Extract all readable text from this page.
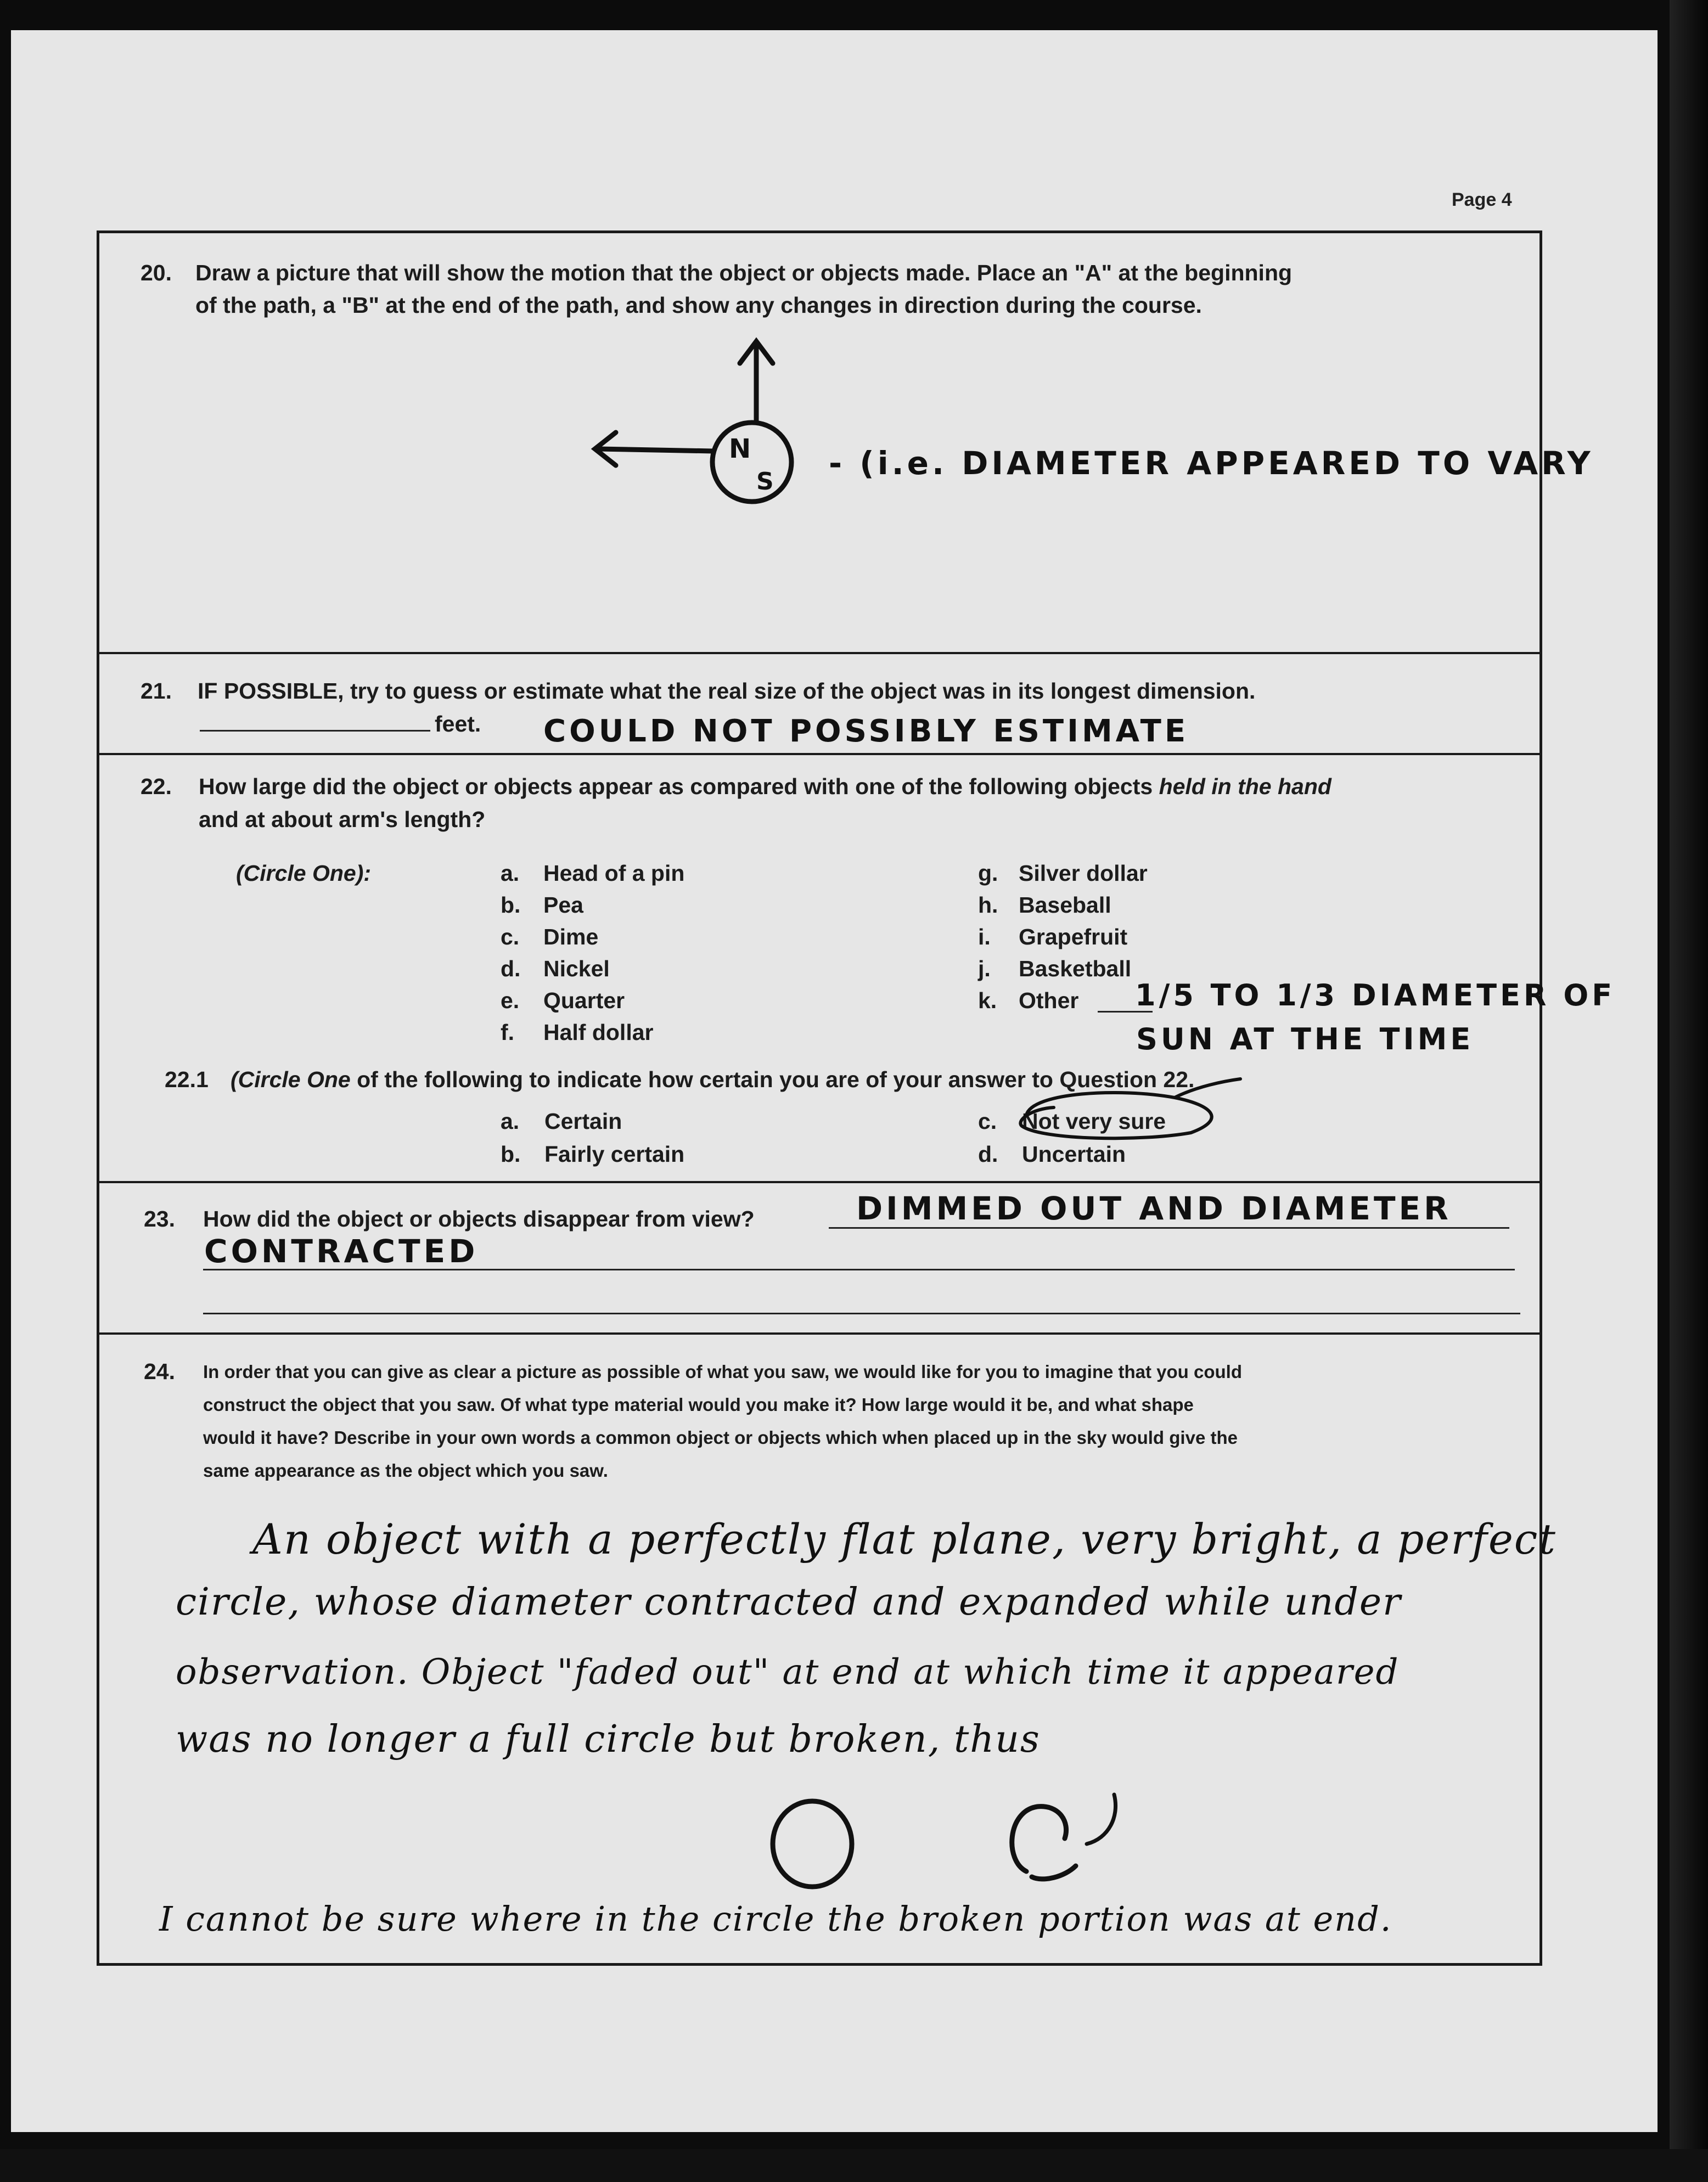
Page 4
20. Draw a picture that will show the motion that the object or objects made. Place an "A" at the beginning
of the path, a "B" at the end of the path, and show any changes in direction during the course.
N
S - (i.e. DIAMETER APPEARED TO VARY
21. IF POSSIBLE, try to guess or estimate what the real size of the object was in its longest dimension.
feet. COULD NOT POSSIBLY ESTIMATE
22. How large did the object or objects appear as compared with one of the following objects held in the hand
and at about arm's length?
(Circle One):	a. Head of a pin
b. Pea
c. Dime
d. Nickel
e. Quarter
f. Half dollar
g. Silver dollar
h. Baseball
i. Grapefruit
j. Basketball
k. Other 1/5 TO 1/3 DIAMETER OF
SUN AT THE TIME
22.1 (Circle One of the following to indicate how certain you are of your answer to Question 22.
a. Certain
b. Fairly certain
c. Not very sure
d. Uncertain
23. How did the object or objects disappear from view?	DIMMED OUT AND DIAMETER
CONTRACTED
24. In order that you can give as clear a picture as possible of what you saw, we would like for you to imagine that you could
construct the object that you saw. Of what type material would you make it? How large would it be, and what shape
would it have? Describe in your own words a common object or objects which when placed up in the sky would give the
same appearance as the object which you saw.
An object with a perfectly flat plane, very bright, a perfect
circle, whose diameter contracted and expanded while under
observation. Object "faded out" at end at which time it appeared
was no longer a full circle but broken, thus
I cannot be sure where in the circle the broken portion was at end.
